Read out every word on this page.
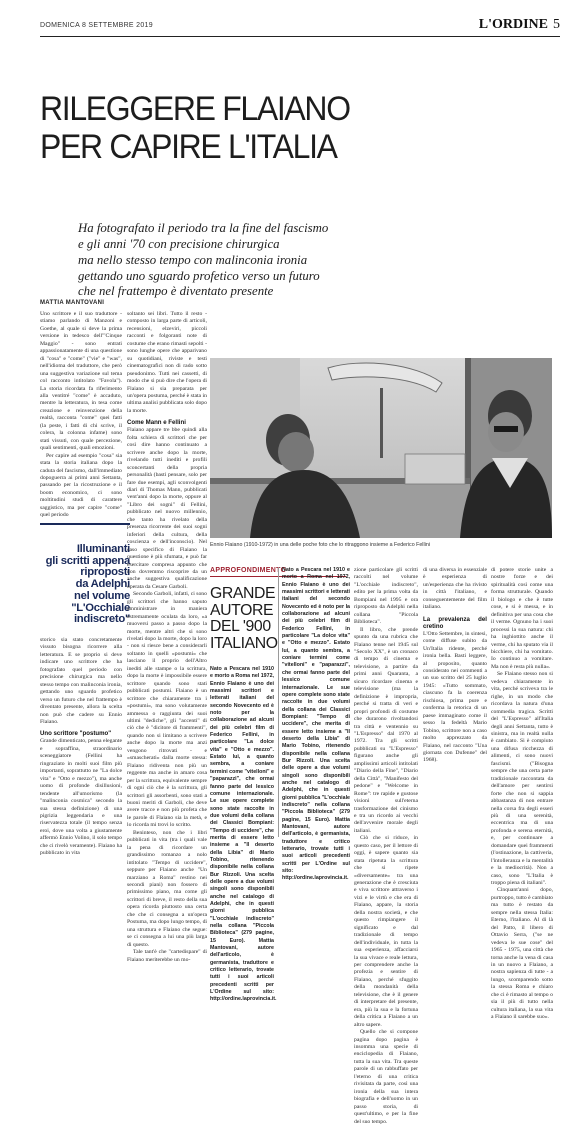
DOMENICA 8 SETTEMBRE 2019	L'ORDINE 5
RILEGGERE FLAIANO
PER CAPIRE L'ITALIA
Ha fotografato il periodo tra la fine del fascismo
e gli anni '70 con precisione chirurgica
ma nello stesso tempo con malinconia ironia
gettando uno sguardo profetico verso un futuro
che nel frattempo è diventato presente
MATTIA MANTOVANI

Uno scrittore e il suo traduttore - stiamo parlando di Manzoni e Goethe, al quale si deve la prima versione in tedesco dell'"Cinque Maggio" - sono entrati appassionatamente di una questione di "cosa" e "come" ("vie" e "was", nell'idioma del traduttore, che però una suggestiva variazione sul tema col racconto intitolato "Favola"). La storia ricordata fa riferimento alla ventitré "come" è accaduto, mentre la letteratura, in tesa come creazione e reinvenzione della realtà, racconta "come" quei fatti (la peste, i fatti di chi scrive, il colera, la colonna infame) sono stati vissuti, con quale percezione, quali sentimenti, quali emozioni.

Per capire ad esempio "cosa" sia stata la storia italiana dopo la caduta del fascismo, dall'immediato dopoguerra ai primi anni Settanta, passando per la ricostruzione e il boom economico, ci sono moltitudini studi di carattere saggistico, ma per capire "come" quel periodo

Illuminanti
gli scritti appena
riproposti
da Adelphi
nel volume
"L'Occhiale
indiscreto"

storico sia stato concretamente vissuto bisogna ricorrere alla letteratura. E se proprio si deve indicare uno scrittore che ha fotografato quel periodo con precisione chirurgica ma nello stesso tempo con malinconia ironia, gettando uno sguardo profetico verso un futuro che nel frattempo è diventato presente, allora la scelta non può che cadere su Ennio Flaiano.

Uno scrittore "postumo"

Grande dimenticato, penna elegante e sopraffina, straordinario sceneggiatore (Fellini ha ringraziato in molti suoi film più importanti, soprattutto ne "La dolce vita" e "Otto e mezzo"), ma anche uomo di profonde disillusioni, tendente all'umorismo (la "malinconia cosmica" secondo la sua stessa definizione) di una pigrizia leggendaria e una riservatezza totale (il tempo senza eroi, dove una volta a giustamente affermò Ennio Volino, il solo tempo che ci rivelò veramente). Flaiano ha pubblicato in vita

soltanto sei libri. Tutto il resto - composto in larga parte di articoli, recensioni, elzeviri, piccoli racconti e folgoranti note di costume che erano rimasti sepolti - sono lunghe opere che apparivano su quotidiani, riviste e testi cinematografici non di rado sotto pseudonimo. Tutti nei cassetti, di modo che si può dire che l'opera di Flaiano si sia preparata per un'opera postuma, perché è stata in ultima analisi pubblicata solo dopo la morte.

Come Mann e Fellini

Flaiano appare tre bbe quindi alla folta schiera di scrittori che per così dire hanno continuato a scrivere anche dopo la morte, rivelando tutti inediti e profili sconcertanti della propria personalità (basti pensare, solo per fare due esempi, agli sconvolgenti diari di Thomas Mann, pubblicati vent'anni dopo la morte, oppure al "Libro dei sogni" di Fellini, pubblicato nel nuovo millennio, che tanto ha rivelato della presenza ricorrente dei suoi sogni inferiori della cultura, della coscienza e dell'inconscio). Nel caso specifico di Flaiano la questione è più sfumata, e può far esercitare compresa appunto che non dovremmo riscoprire da un anche suggestiva qualificazione operata da Cesare Garboli.

Secondo Garboli, infatti, ci sono gli scrittori che hanno saputo amministrare in maniera estremamente oculata da loro, «a muoversi passo a passo dopo la morte, mentre altri che si sono rivelati dopo la morte, dopo la loro - non si riesce bene a considerarli soltanto in quelli «postumi» che lasciano il proprio dell'Altro inediti alle stampe o la scrittura, dopo la morte è impossibile essere scrittore quando sono stati pubblicati postumi. Flaiano è un scrittore che chiaramente tra i «postumi», ma sono volutamente ammessa o raggiunta dei suoi ultimi "dediche", gli "accenti" di ciò che è "dicitore di frammenti", quando non si limitano a scrivere anche dopo la morte ma anzi vengono ritrovati - e «smascherati» dalla morte stessa: Flaiano ridiventa non più un reggente ma anche in amaro cosa per la scrittura, equivalente sempre di ogni ciò che è la scrittura, gli scrittori gli assorbenti, sono stati a buoni meriti di Garboli, che deve avere tracce e non più profeta che le parole di Flaiano sia la metà, e lo ricorda mi trovi lo scritto.

Beninteso, non che i libri pubblicati in vita (tra i quali vale la pena di ricordare un grandissimo romanzo a nolo intitolato "Tempo di uccidere", seppure per Flaiano anche "Un marziano a Roma" restino nei secondi piani) non fossero di primissimo piano, ma come gli scrittori di breve, il resto della sua opera ricorda piuttosto una certa che che ci consegna a un'opera Postuma, ma dopo lungo tempo, di una struttura e Flaiano che segue: se ci consegna a lui una più larga di questo.

Tale tant'è che "cartedispare" di Flaiano meriterebbe un mo-

Ennio Flaiano (1910-1972) in una delle poche foto che lo ritraggono insieme a Federico Fellini
APPROFONDIMENTO
GRANDE
AUTORE
DEL '900
ITALIANO

Nato a Pescara nel 1910 e morto a Roma nel 1972, Ennio Flaiano è uno dei massimi scrittori e letterati italiani del secondo Novecento ed è noto per la collaborazione ad alcuni dei più celebri film di Federico Fellini, in particolare "La dolce vita" e "Otto e mezzo". Estato lui, a quanto sembra, a coniare termini come "vitelloni" e "paparazzi", che ormai fanno parte del lessico comune internazionale. Le sue opere complete sono state raccolte in due volumi della collana dei Classici Bompiani: "Tempo di uccidere", che merita di essere letto insieme a "Il deserto della Libia" di Mario Tobino, ritenendo disponibile nella collana Bur Rizzoli. Una scelta delle opere a due volumi singoli sono disponibili anche nel catalogo di Adelphi, che in questi giorni pubblica "L'occhiale indiscreto" nella collana "Piccola Biblioteca" (279 pagine, 15 Euro). Mattia Mantovani, autore dell'articolo, è germanista, traduttore e critico letterario, trovate tutti i suoi articoli precedenti scritti per L'Ordine sul sito: http://ordine.laprovincia.it.

Nato a Pescara nel 1910 e morto a Roma nel 1972, Ennio Flaiano è uno dei massimi scrittori e letterati italiani del secondo Novecento ed è noto per la collaborazione ad alcuni dei più celebri film di Federico Fellini, in particolare "La dolce vita" e "Otto e mezzo". Estato lui, a quanto sembra, a coniare termini come "vitelloni" e "paparazzi", che ormai fanno parte del lessico comune internazionale. Le sue opere complete sono state raccolte in due volumi della collana dei Classici Bompiani: "Tempo di uccidere", che merita di essere letto insieme a "Il deserto della Libia" di Mario Tobino, ritenendo disponibile nella collana Bur Rizzoli. Una scelta delle opere a due volumi singoli sono disponibili anche nel catalogo di Adelphi, che in questi giorni pubblica "L'occhiale indiscreto" nella collana "Piccola Biblioteca" (279 pagine, 15 Euro). Mattia Mantovani, autore dell'articolo, è germanista, traduttore e critico letterario, trovate tutti i suoi articoli precedenti scritti per L'Ordine sul sito: http://ordine.laprovincia.it.

zione particolare gli scritti raccolti nel volume "L'occhiale indiscreto", edito per la prima volta da Bompiani nel 1995 e ora riproposto da Adelphi nella collana "Piccola Biblioteca".

Il libro, che prende spunto da una rubrica che Flaiano tenne nel 1945 sul "Secolo XX", è un cronaco di tempo di cinema e televisione, a partire da primi anni Quaranta, a sicuro ricordare cinema e televisione (ma la definizione è impropria, perché si tratta di veri e propri profondi di costume che durarono rivoltandosi tra città e ventennio su "L'Espresso" dal 1970 al 1972. Tra gli scritti pubblicati su "L'Espresso" figurano anche gli amplissimi articoli intitolati "Diario della Fine", "Diario della Città", "Manifesto del pedone" e "Welcome in Rome": tre rapide e gustose visioni sull'eterna trasformazione del cinismo e tra un ricordo ai vecchi dell'avvenire morale degli italiani.

Ciò che si riduce, in questo caso, per il lettore di oggi, è sapere quanto sia stata ripetuta la scrittura che si ripete «diversamente» tra una generazione che è cresciuta e viva scrittore attraverso i vizi e le virtù e che era di Flaiano, appare, la storia della nostra società, e che questo rimpiangere il significato e dal tradizionale di tempo dell'individuale, in tutta la sua esperienza, affacciarsi la sua vivace e reale lettura, per comprendere anche la profezia e sentire di Flaiano, perché sfuggito della mondanità della televisione, che è il genere di interpretare del presente, era, più la sua e la fortuna della critica a Flaiano a un altro sapere.

Quello che si compone pagina dopo pagina è insomma una specie di enciclopedia di Flaiano, tutta la sua vita. Tra queste parole di un rabbuffato per l'eterno di una critica rivisitata da parte, così una ironia della sua intera biografia e dell'uomo in un passo storia, di quest'ultimo, e per la fine del suo tempo.

di una diversa in essenziale è esperienza di un'esperienza che ha rivisto in città l'italiano, e conseguentemente del film italiano.

La prevalenza del cretino

L'Otto Settembre, in sintesi, come diffuse subito da Un'Italia ridente, perché ironia bella. Basti leggere, al proposito, quanto considerato nei commenti a un suo scritto del 25 luglio 1945: «Tutto sommato, ciascuno fa la coerenza rischiosa, prima pure e conferma la retorica di un paese immaginato come il sesso la fedeltà Mario Tobino, scrittore non a caso molto apprezzato da Flaiano, nel racconto "Una giornata con Dufenne" del 1968).

di potere storie unite a nostre forze e dei spiritualità così come una forma strutturale. Quando il biologo e che è tutte cose, e si è messa, e in definitiva per una cosa che il verme. Ognuno ha i suoi processi la sua natura: chi ha inghiottito anche il verme, chi ha sputato via il bicchiere, chi ha vomitato. Io continuo a vomitare. Ma non è resta più nulla».

Se Flaiano stesso non si vedeva chiaramente in vita, perché scriveva tra le righe, in un modo che ricordava la natura d'una commedia tragica. Scritti del "L'Espresso" all'Italia degli anni Settanta, tutto è sinistra, ma in realtà nulla è cambiato. Si è compiuto una difusa ricchezza di alimenti, ci sono nuovi fascismi. ("Bisogna sempre che una certa parte tradizionale raccontata da dell'amore per sentirsi forte che non si sappia abbastanza di non entrare nella corsa fra degli esseri più di una serenità, eccentrica ma di una profonda e serena eternità, e, per continuare a domandare quei frammenti (l'ostinazione, la cattiveria, l'intolleranza e la mentalità e la mediocrità). Non a caso, sono "L'Italia è troppo piena di italiani".

Cinquant'anni dopo, purtroppo, tutto è cambiato ma tutto è restato da sempre nella stessa Italia: Eterno, l'italiano. Al di là del Patto, il libero di Ottavio Serra, ("se ne vedeva le sue cose" del 1965 - 1975, una città che torna anche la vena di casa in un nuovo a Flaiano, a nostra sapienza di tutte - a lungo, scomparendo sotto la stessa Roma e chiaro che ci è rimasto al tempo o sia il più di tutto nella cultura italiana, la sua vita a Flaiano il sarebbe suo».
